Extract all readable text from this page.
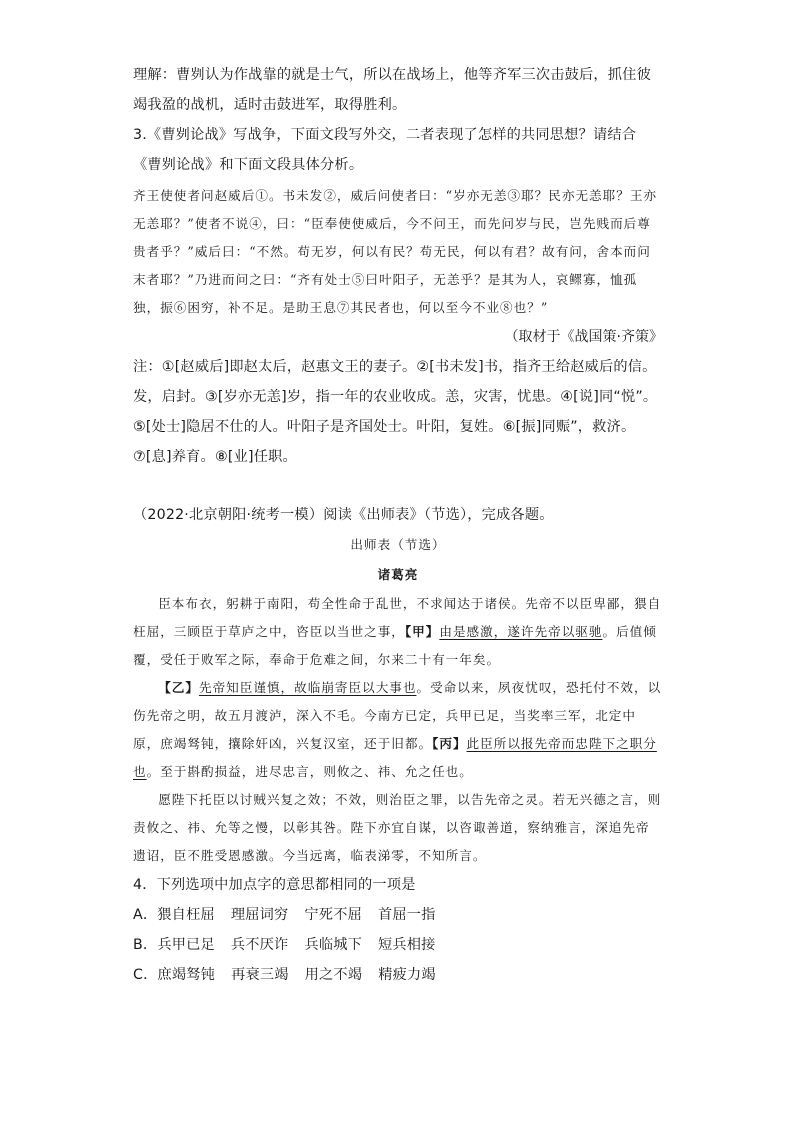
理解：曹刿认为作战靠的就是士气，所以在战场上，他等齐军三次击鼓后，抓住彼竭我盈的战机，适时击鼓进军，取得胜利。
3.《曹刿论战》写战争，下面文段写外交，二者表现了怎样的共同思想？请结合《曹刿论战》和下面文段具体分析。
齐王使使者问赵威后①。书未发②，威后问使者曰：“岁亦无恙③耶？民亦无恙耶？王亦无恙耶？”使者不说④，曰：“臣奉使使威后，今不问王，而先问岁与民，岂先贱而后尊贵者乎？”威后曰：“不然。苟无岁，何以有民？苟无民，何以有君？故有问，舍本而问末者耶？”乃进而问之曰：“齐有处士⑤曰叶阳子，无恙乎？是其为人，哀鳏寡，恤孤独，振⑥困穷，补不足。是助王息⑦其民者也，何以至今不业⑧也？”
（取材于《战国策·齐策》
注：①[赵威后]即赵太后，赵惠文王的妻子。②[书未发]书，指齐王给赵威后的信。发，启封。③[岁亦无恙]岁，指一年的农业收成。恙，灾害，忧患。④[说]同“悦”。⑤[处士]隐居不仕的人。叶阳子是齐国处士。叶阳，复姓。⑥[振]同赈”，救济。⑦[息]养育。⑧[业]任职。
（2022·北京朝阳·统考一模）阅读《出师表》（节选），完成各题。
出师表（节选）
诸葛亮
臣本布衣，躬耕于南阳，苟全性命于乱世，不求闻达于诸侯。先帝不以臣卑鄙，猥自枉屈，三顾臣于草庐之中，咨臣以当世之事，【甲】由是感激，遂许先帝以驱驰。后值倾覆，受任于败军之际，奉命于危难之间，尔来二十有一年矣。
【乙】先帝知臣谨慎，故临崩寄臣以大事也。受命以来，夙夜忧叹，恐托付不效，以伤先帝之明，故五月渡泸，深入不毛。今南方已定，兵甲已足，当奖率三军，北定中原，庶竭驽钝，攘除奸凶，兴复汉室，还于旧都。【丙】此臣所以报先帝而忠陛下之职分也。至于斟酌损益，进尽忠言，则攸之、祎、允之任也。
愿陛下托臣以讨贼兴复之效；不效，则治臣之罪，以告先帝之灵。若无兴德之言，则责攸之、祎、允等之慢，以彰其咎。陛下亦宜自谋，以咨诹善道，察纳雅言，深追先帝遗诏，臣不胜受恩感激。今当远离，临表涕零，不知所言。
4．下列选项中加点字的意思都相同的一项是
A．猥自枉屈 理屈词穷 宁死不屈 首屈一指
B．兵甲已足 兵不厌诈 兵临城下 短兵相接
C．庶竭驽钝 再衰三竭 用之不竭 精疲力竭
